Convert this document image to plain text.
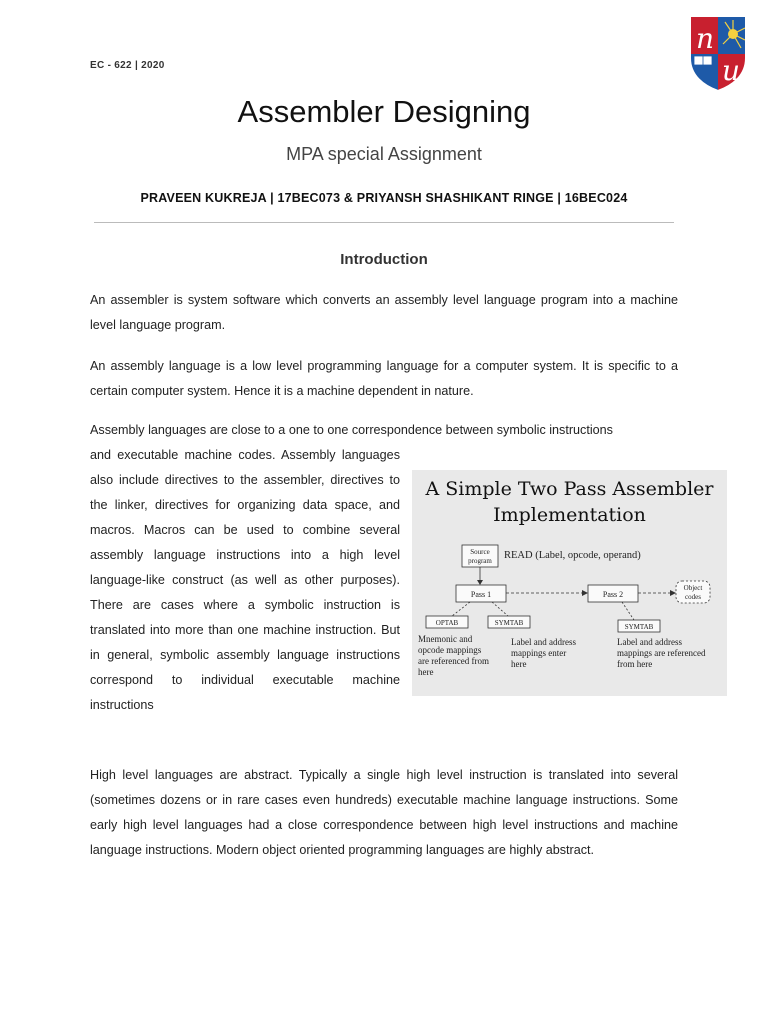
EC - 622 | 2020
n
u
Assembler Designing
MPA special Assignment
PRAVEEN KUKREJA | 17BEC073 & PRIYANSH SHASHIKANT RINGE | 16BEC024
Introduction

An assembler is system software which converts an assembly level language program into a machine level language program.

An assembly language is a low level programming language for a computer system. It is specific to a certain computer system. Hence it is a machine dependent in nature.

Assembly languages are close to a one to one correspondence between symbolic instructions

and executable machine codes. Assembly languages also include directives to the assembler, directives to the linker, directives for organizing data space, and macros. Macros can be used to combine several assembly language instructions into a high level language-like construct (as well as other purposes). There are cases where a symbolic instruction is translated into more than one machine instruction. But in general, symbolic assembly language instructions correspond to individual executable machine instructions

A Simple Two Pass Assembler
Implementation
Source
program READ (Label, opcode, operand)
Pass 1	Pass 2
Object
codes
OPTAB	SYMTAB	SYMTAB
Mnemonic and
opcode mappings
are referenced from
here
Label and address
mappings enter
here
Label and address
mappings are referenced
from here

High level languages are abstract. Typically a single high level instruction is translated into several (sometimes dozens or in rare cases even hundreds) executable machine language instructions. Some early high level languages had a close correspondence between high level instructions and machine language instructions. Modern object oriented programming languages are highly abstract.
